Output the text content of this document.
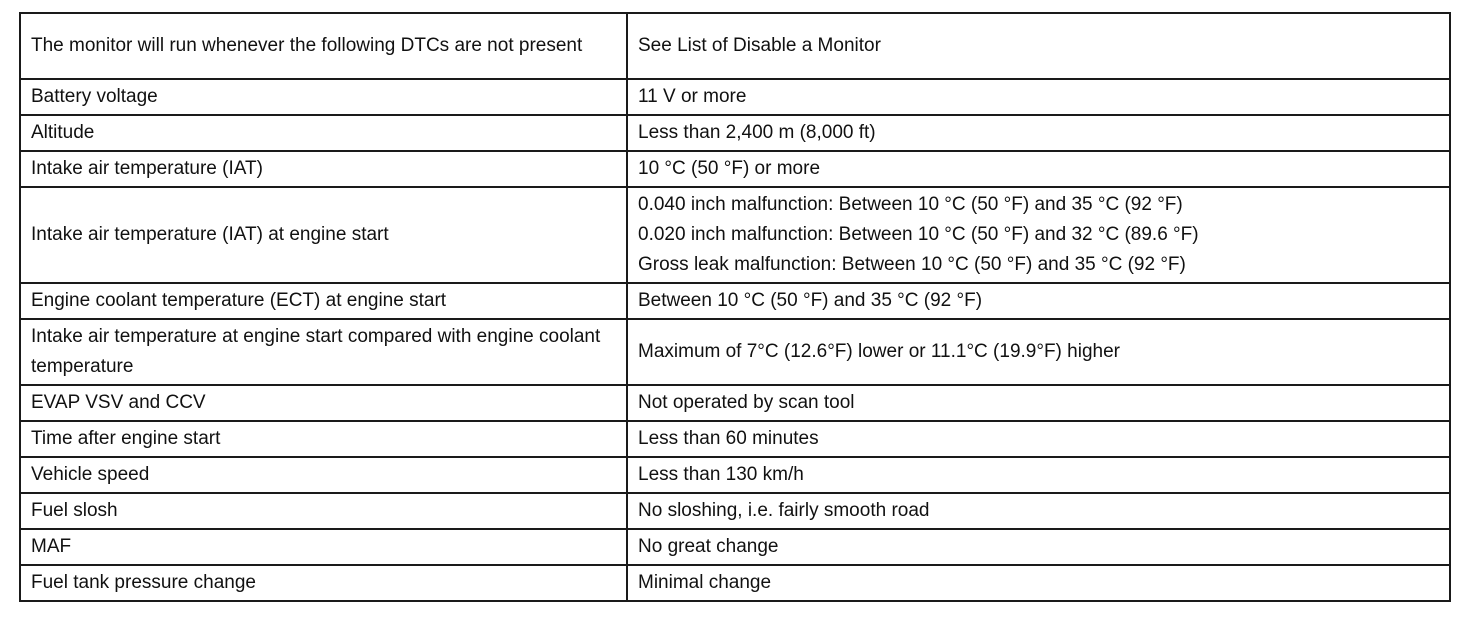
The monitor will run whenever the following DTCs are not present	See List of Disable a Monitor
Battery voltage	11 V or more
Altitude	Less than 2,400 m (8,000 ft)
Intake air temperature (IAT)	10 °C (50 °F) or more
Intake air temperature (IAT) at engine start	0.040 inch malfunction: Between 10 °C (50 °F) and 35 °C (92 °F)
0.020 inch malfunction: Between 10 °C (50 °F) and 32 °C (89.6 °F)
Gross leak malfunction: Between 10 °C (50 °F) and 35 °C (92 °F)

Engine coolant temperature (ECT) at engine start	Between 10 °C (50 °F) and 35 °C (92 °F)
Intake air temperature at engine start compared with engine coolant temperature	Maximum of 7°C (12.6°F) lower or 11.1°C (19.9°F) higher
EVAP VSV and CCV	Not operated by scan tool
Time after engine start	Less than 60 minutes
Vehicle speed	Less than 130 km/h
Fuel slosh	No sloshing, i.e. fairly smooth road
MAF	No great change
Fuel tank pressure change	Minimal change
